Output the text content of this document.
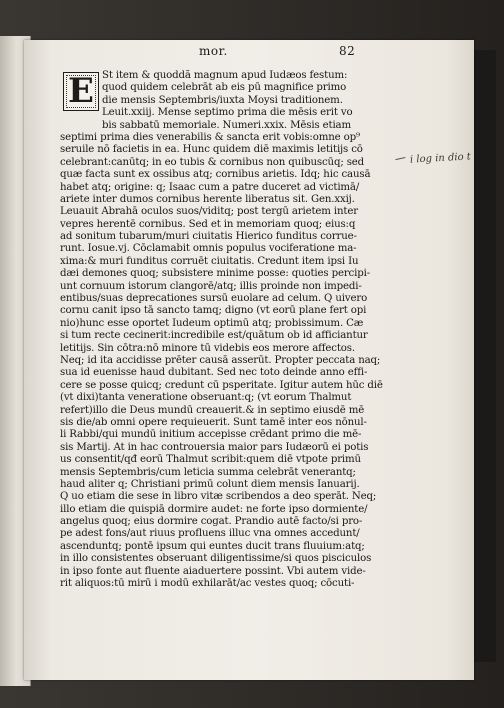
mor.	82
E St item & quoddã magnum apud Iudæos festum:
quod quidem celebrāt ab eis pū magnifice primo
die mensis Septembris/iuxta Moysi traditionem.
Leuit.xxiij. Mense septimo prima die mēsis erit vo
bis sabbatū memoriale. Numeri.xxix. Mēsis etiam
septimi prima dies venerabilis & sancta erit vobis:omne op⁹
seruile nō facietis in ea. Hunc quidem diē maximis letitijs cō
celebrant:canūtq; in eo tubis & cornibus non quibuscūq; sed
quæ facta sunt ex ossibus atq; cornibus arietis. Idq; hic causā
habet atq; origine: q; Isaac cum a patre duceret ad victimā/
ariete inter dumos cornibus herente liberatus sit. Gen.xxij.
Leuauit Abrahā oculos suos/viditq; post tergū arietem inter
vepres herentē cornibus. Sed et in memoriam quoq; eius:q
ad sonitum tubarum/muri ciuitatis Hierico funditus corrue-
runt. Iosue.vj. Cōclamabit omnis populus vociferatione ma-
xima:& muri funditus corruēt ciuitatis. Credunt item ipsi Iu
dæi demones quoq; subsistere minime posse: quoties percipi-
unt cornuum istorum clangorē/atq; illis proinde non impedi-
entibus/suas deprecationes sursū euolare ad celum. Q uivero
cornu canit ipso tā sancto tamq; digno (vt eorū plane fert opi
nio)hunc esse oportet Iudeum optimū atq; probissimum. Cæ
si tum recte cecinerit:incredibile est/quātum ob id afficiantur
letitijs. Sin cōtra:nō minore tū videbis eos merore affectos.
Neq; id ita accidisse prēter causā asserūt. Propter peccata naq;
sua id euenisse haud dubitant. Sed nec toto deinde anno effi-
cere se posse quicq; credunt cū psperitate. Igitur autem hūc diē
(vt dixi)tanta veneratione obseruant:q; (vt eorum Thalmut
refert)illo die Deus mundū creauerit.& in septimo eiusdē mē
sis die/ab omni opere requieuerit. Sunt tamē inter eos nōnul-
li Rabbi/qui mundū initium accepisse crēdant primo die mē-
sis Martij. At in hac controuersia maior pars Iudæorū ei potis
us consentit/qđ eorū Thalmut scribit:quem diē vtpote primū
mensis Septembris/cum leticia summa celebrāt venerantq;
haud aliter q; Christiani primū colunt diem mensis Ianuarij.
Q uo etiam die sese in libro vitæ scribendos a deo sperāt. Neq;
illo etiam die quispiā dormire audet: ne forte ipso dormiente/
angelus quoq; eius dormire cogat. Prandio autē facto/si pro-
pe adest fons/aut riuus profluens illuc vna omnes accedunt/
ascenduntq; pontē ipsum qui euntes ducit trans fluuium:atq;
in illo consistentes obseruant diligentissime/si quos pisciculos
in ipso fonte aut fluente aiaduertere possint. Vbi autem vide-
rit aliquos:tū mirū i modū exhilarāt/ac vestes quoq; cōcuti-
i log in dio t
